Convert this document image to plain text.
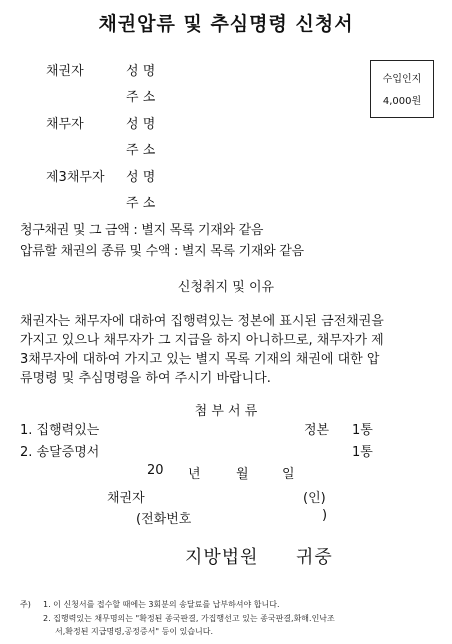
채권압류 및 추심명령 신청서
채권자	성 명
주 소
채무자	성 명
주 소
제3채무자 성 명
주 소
수입인지
4,000원
청구채권 및 그 금액 : 별지 목록 기재와 같음
압류할 채권의 종류 및 수액 : 별지 목록 기재와 같음
신청취지 및 이유
채권자는 채무자에 대하여 집행력있는 정본에 표시된 금전채권을
가지고 있으나 채무자가 그 지급을 하지 아니하므로, 채무자가 제
3채무자에 대하여 가지고 있는 별지 목록 기재의 채권에 대한 압
류명령 및 추심명령을 하여 주시기 바랍니다.
첨 부 서 류
1. 집행력있는	정본 1통
2. 송달증명서	1통
20 년	월	일
채권자	(인)
(전화번호	)
지방법원 귀중
주) 1. 이 신청서를 접수할 때에는 3회분의 송달료를 납부하셔야 합니다.
2. 집행력있는 채무명의는 "확정된 종국판결, 가집행선고 있는 종국판결,화해.인낙조
서,확정된 지급명령,공정증서" 등이 있습니다.
